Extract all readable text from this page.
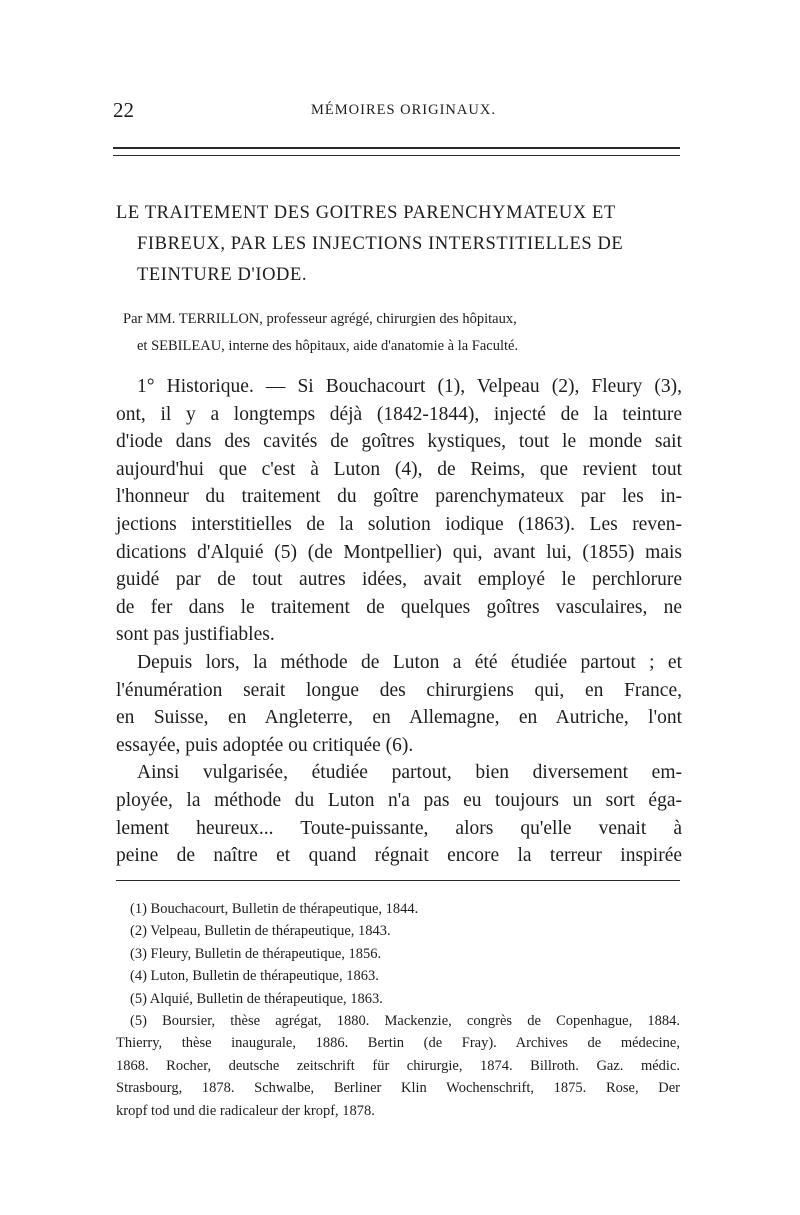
22	MÉMOIRES ORIGINAUX.
LE TRAITEMENT DES GOITRES PARENCHYMATEUX ET
FIBREUX, PAR LES INJECTIONS INTERSTITIELLES DE
TEINTURE D'IODE.
Par MM. TERRILLON, professeur agrégé, chirurgien des hôpitaux,
et SEBILEAU, interne des hôpitaux, aide d'anatomie à la Faculté.
1° Historique. — Si Bouchacourt (1), Velpeau (2), Fleury (3),
ont, il y a longtemps déjà (1842-1844), injecté de la teinture
d'iode dans des cavités de goîtres kystiques, tout le monde sait
aujourd'hui que c'est à Luton (4), de Reims, que revient tout
l'honneur du traitement du goître parenchymateux par les in-
jections interstitielles de la solution iodique (1863). Les reven-
dications d'Alquié (5) (de Montpellier) qui, avant lui, (1855) mais
guidé par de tout autres idées, avait employé le perchlorure
de fer dans le traitement de quelques goîtres vasculaires, ne
sont pas justifiables.
Depuis lors, la méthode de Luton a été étudiée partout ; et
l'énumération serait longue des chirurgiens qui, en France,
en Suisse, en Angleterre, en Allemagne, en Autriche, l'ont
essayée, puis adoptée ou critiquée (6).
Ainsi vulgarisée, étudiée partout, bien diversement em-
ployée, la méthode du Luton n'a pas eu toujours un sort éga-
lement heureux... Toute-puissante, alors qu'elle venait à
peine de naître et quand régnait encore la terreur inspirée
(1) Bouchacourt, Bulletin de thérapeutique, 1844.
(2) Velpeau, Bulletin de thérapeutique, 1843.
(3) Fleury, Bulletin de thérapeutique, 1856.
(4) Luton, Bulletin de thérapeutique, 1863.
(5) Alquié, Bulletin de thérapeutique, 1863.
(5) Boursier, thèse agrégat, 1880. Mackenzie, congrès de Copenhague, 1884.
Thierry, thèse inaugurale, 1886. Bertin (de Fray). Archives de médecine,
1868. Rocher, deutsche zeitschrift für chirurgie, 1874. Billroth. Gaz. médic.
Strasbourg, 1878. Schwalbe, Berliner Klin Wochenschrift, 1875. Rose, Der
kropf tod und die radicaleur der kropf, 1878.
